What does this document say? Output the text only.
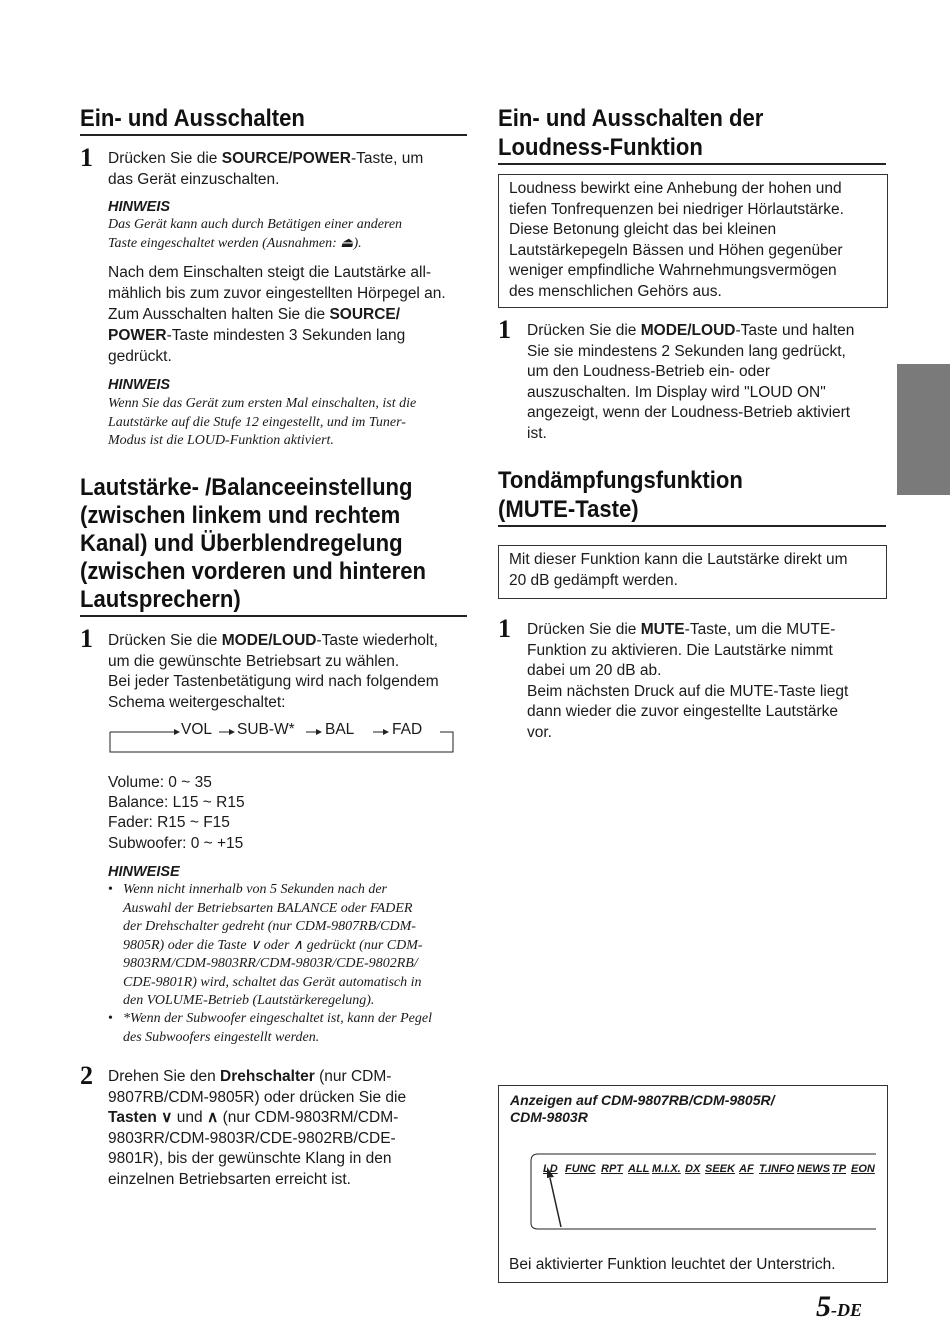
Ein- und Ausschalten
1 Drücken Sie die SOURCE/POWER-Taste, um
das Gerät einzuschalten.
HINWEIS
Das Gerät kann auch durch Betätigen einer anderen
Taste eingeschaltet werden (Ausnahmen: ⏏).
Nach dem Einschalten steigt die Lautstärke all-
mählich bis zum zuvor eingestellten Hörpegel an.
Zum Ausschalten halten Sie die SOURCE/
POWER-Taste mindesten 3 Sekunden lang
gedrückt.
HINWEIS
Wenn Sie das Gerät zum ersten Mal einschalten, ist die
Lautstärke auf die Stufe 12 eingestellt, und im Tuner-
Modus ist die LOUD-Funktion aktiviert.
Lautstärke- /Balanceeinstellung
(zwischen linkem und rechtem
Kanal) und Überblendregelung
(zwischen vorderen und hinteren
Lautsprechern)
1 Drücken Sie die MODE/LOUD-Taste wiederholt,
um die gewünschte Betriebsart zu wählen.
Bei jeder Tastenbetätigung wird nach folgendem
Schema weitergeschaltet:
VOL SUB-W* BAL FAD
Volume: 0 ~ 35
Balance: L15 ~ R15
Fader: R15 ~ F15
Subwoofer: 0 ~ +15
HINWEISE
• Wenn nicht innerhalb von 5 Sekunden nach der
Auswahl der Betriebsarten BALANCE oder FADER
der Drehschalter gedreht (nur CDM-9807RB/CDM-
9805R) oder die Taste ∨ oder ∧ gedrückt (nur CDM-
9803RM/CDM-9803RR/CDM-9803R/CDE-9802RB/
CDE-9801R) wird, schaltet das Gerät automatisch in
den VOLUME-Betrieb (Lautstärkeregelung).
• *Wenn der Subwoofer eingeschaltet ist, kann der Pegel
des Subwoofers eingestellt werden.
2 Drehen Sie den Drehschalter (nur CDM-
9807RB/CDM-9805R) oder drücken Sie die
Tasten ∨ und ∧ (nur CDM-9803RM/CDM-
9803RR/CDM-9803R/CDE-9802RB/CDE-
9801R), bis der gewünschte Klang in den
einzelnen Betriebsarten erreicht ist.
Ein- und Ausschalten der
Loudness-Funktion
Loudness bewirkt eine Anhebung der hohen und
tiefen Tonfrequenzen bei niedriger Hörlautstärke.
Diese Betonung gleicht das bei kleinen
Lautstärkepegeln Bässen und Höhen gegenüber
weniger empfindliche Wahrnehmungsvermögen
des menschlichen Gehörs aus.
1 Drücken Sie die MODE/LOUD-Taste und halten
Sie sie mindestens 2 Sekunden lang gedrückt,
um den Loudness-Betrieb ein- oder
auszuschalten. Im Display wird "LOUD ON"
angezeigt, wenn der Loudness-Betrieb aktiviert
ist.
Tondämpfungsfunktion
(MUTE-Taste)
Mit dieser Funktion kann die Lautstärke direkt um
20 dB gedämpft werden.
1 Drücken Sie die MUTE-Taste, um die MUTE-
Funktion zu aktivieren. Die Lautstärke nimmt
dabei um 20 dB ab.
Beim nächsten Druck auf die MUTE-Taste liegt
dann wieder die zuvor eingestellte Lautstärke
vor.
Anzeigen auf CDM-9807RB/CDM-9805R/
CDM-9803R
LD FUNC RPT ALL M.I.X. DX SEEK AF T.INFO NEWS TP EON
Bei aktivierter Funktion leuchtet der Unterstrich.
5-DE
